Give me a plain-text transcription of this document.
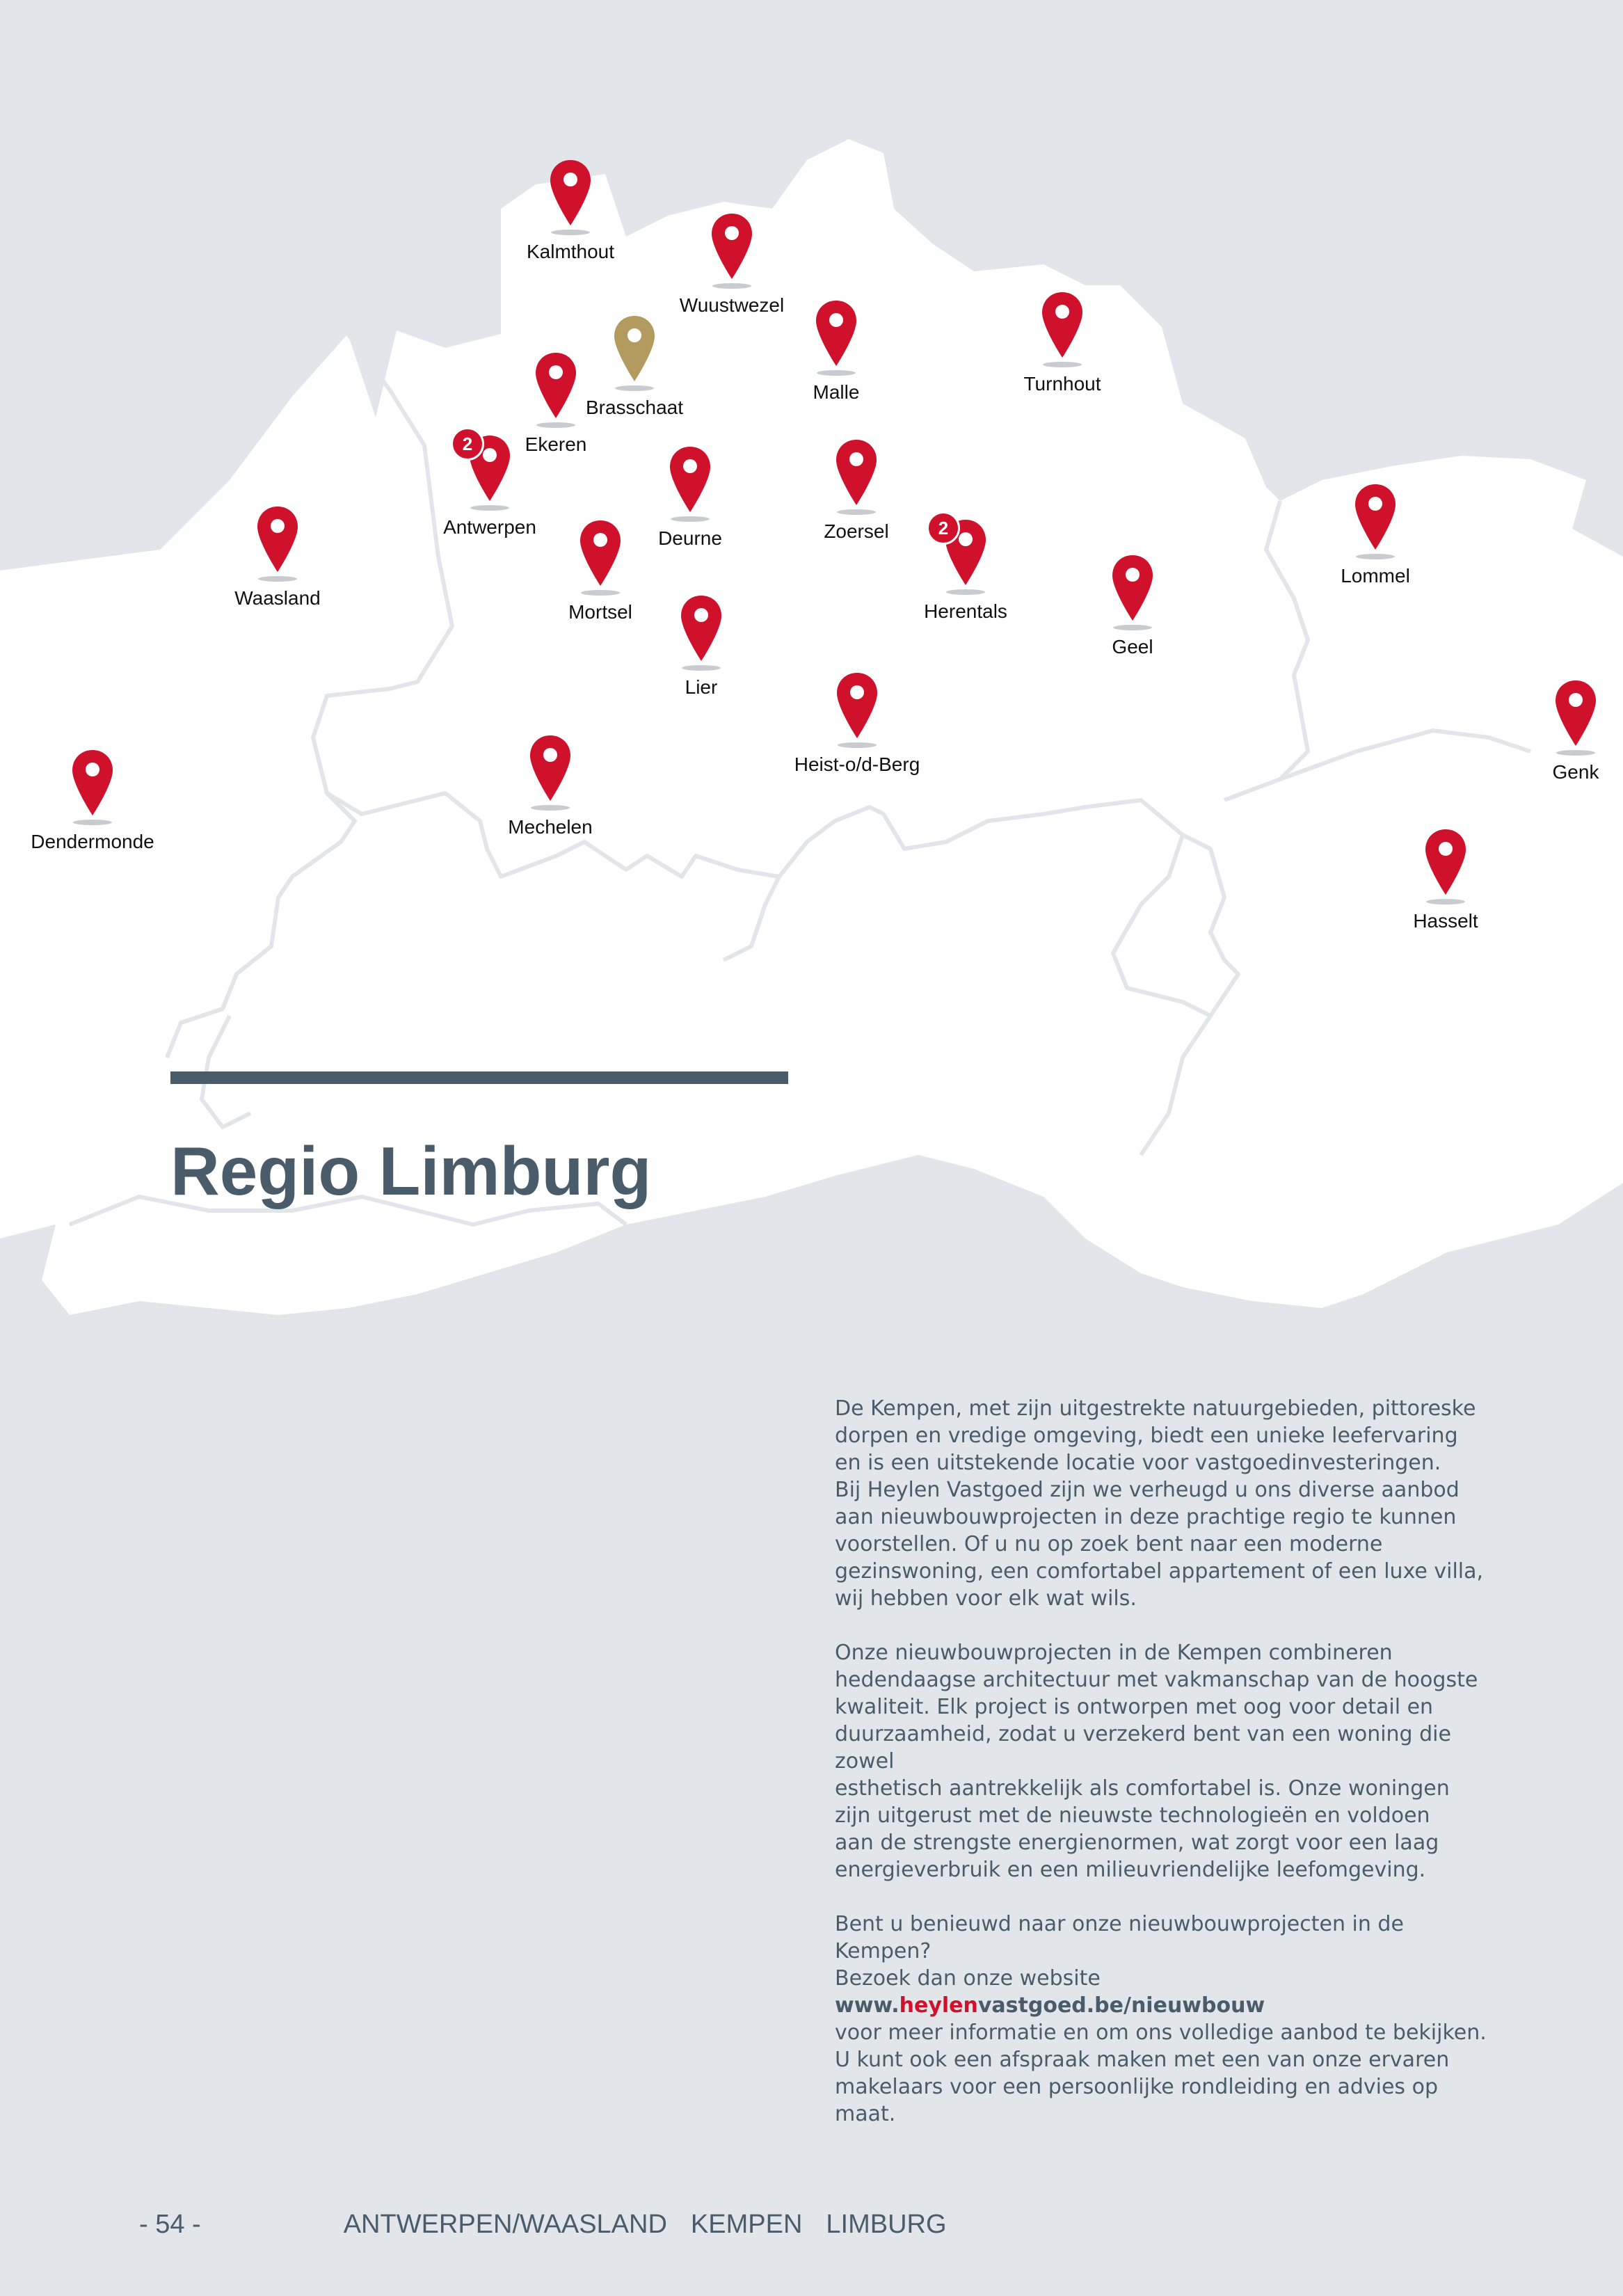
Kalmthout
Wuustwezel
Malle	Turnhout
Brasschaat
Ekeren
2
Antwerpen
Deurne	Zoersel	2
Herentals
Waasland
Mortsel
Lier
Geel
Lommel
Heist-o/d-Berg	Genk
Mechelen
Dendermonde
Hasselt
Regio Limburg

De Kempen, met zijn uitgestrekte natuurgebieden, pittoreske
dorpen en vredige omgeving, biedt een unieke leefervaring
en is een uitstekende locatie voor vastgoedinvesteringen.
Bij Heylen Vastgoed zijn we verheugd u ons diverse aanbod
aan nieuwbouwprojecten in deze prachtige regio te kunnen
voorstellen. Of u nu op zoek bent naar een moderne
gezinswoning, een comfortabel appartement of een luxe villa,
wij hebben voor elk wat wils.

Onze nieuwbouwprojecten in de Kempen combineren
hedendaagse architectuur met vakmanschap van de hoogste
kwaliteit. Elk project is ontworpen met oog voor detail en
duurzaamheid, zodat u verzekerd bent van een woning die zowel
esthetisch aantrekkelijk als comfortabel is. Onze woningen
zijn uitgerust met de nieuwste technologieën en voldoen
aan de strengste energienormen, wat zorgt voor een laag
energieverbruik en een milieuvriendelijke leefomgeving.

Bent u benieuwd naar onze nieuwbouwprojecten in de Kempen?
Bezoek dan onze website www.heylenvastgoed.be/nieuwbouw
voor meer informatie en om ons volledige aanbod te bekijken.
U kunt ook een afspraak maken met een van onze ervaren
makelaars voor een persoonlijke rondleiding en advies op maat.

- 54 -	ANTWERPEN/WAASLAND KEMPEN LIMBURG
